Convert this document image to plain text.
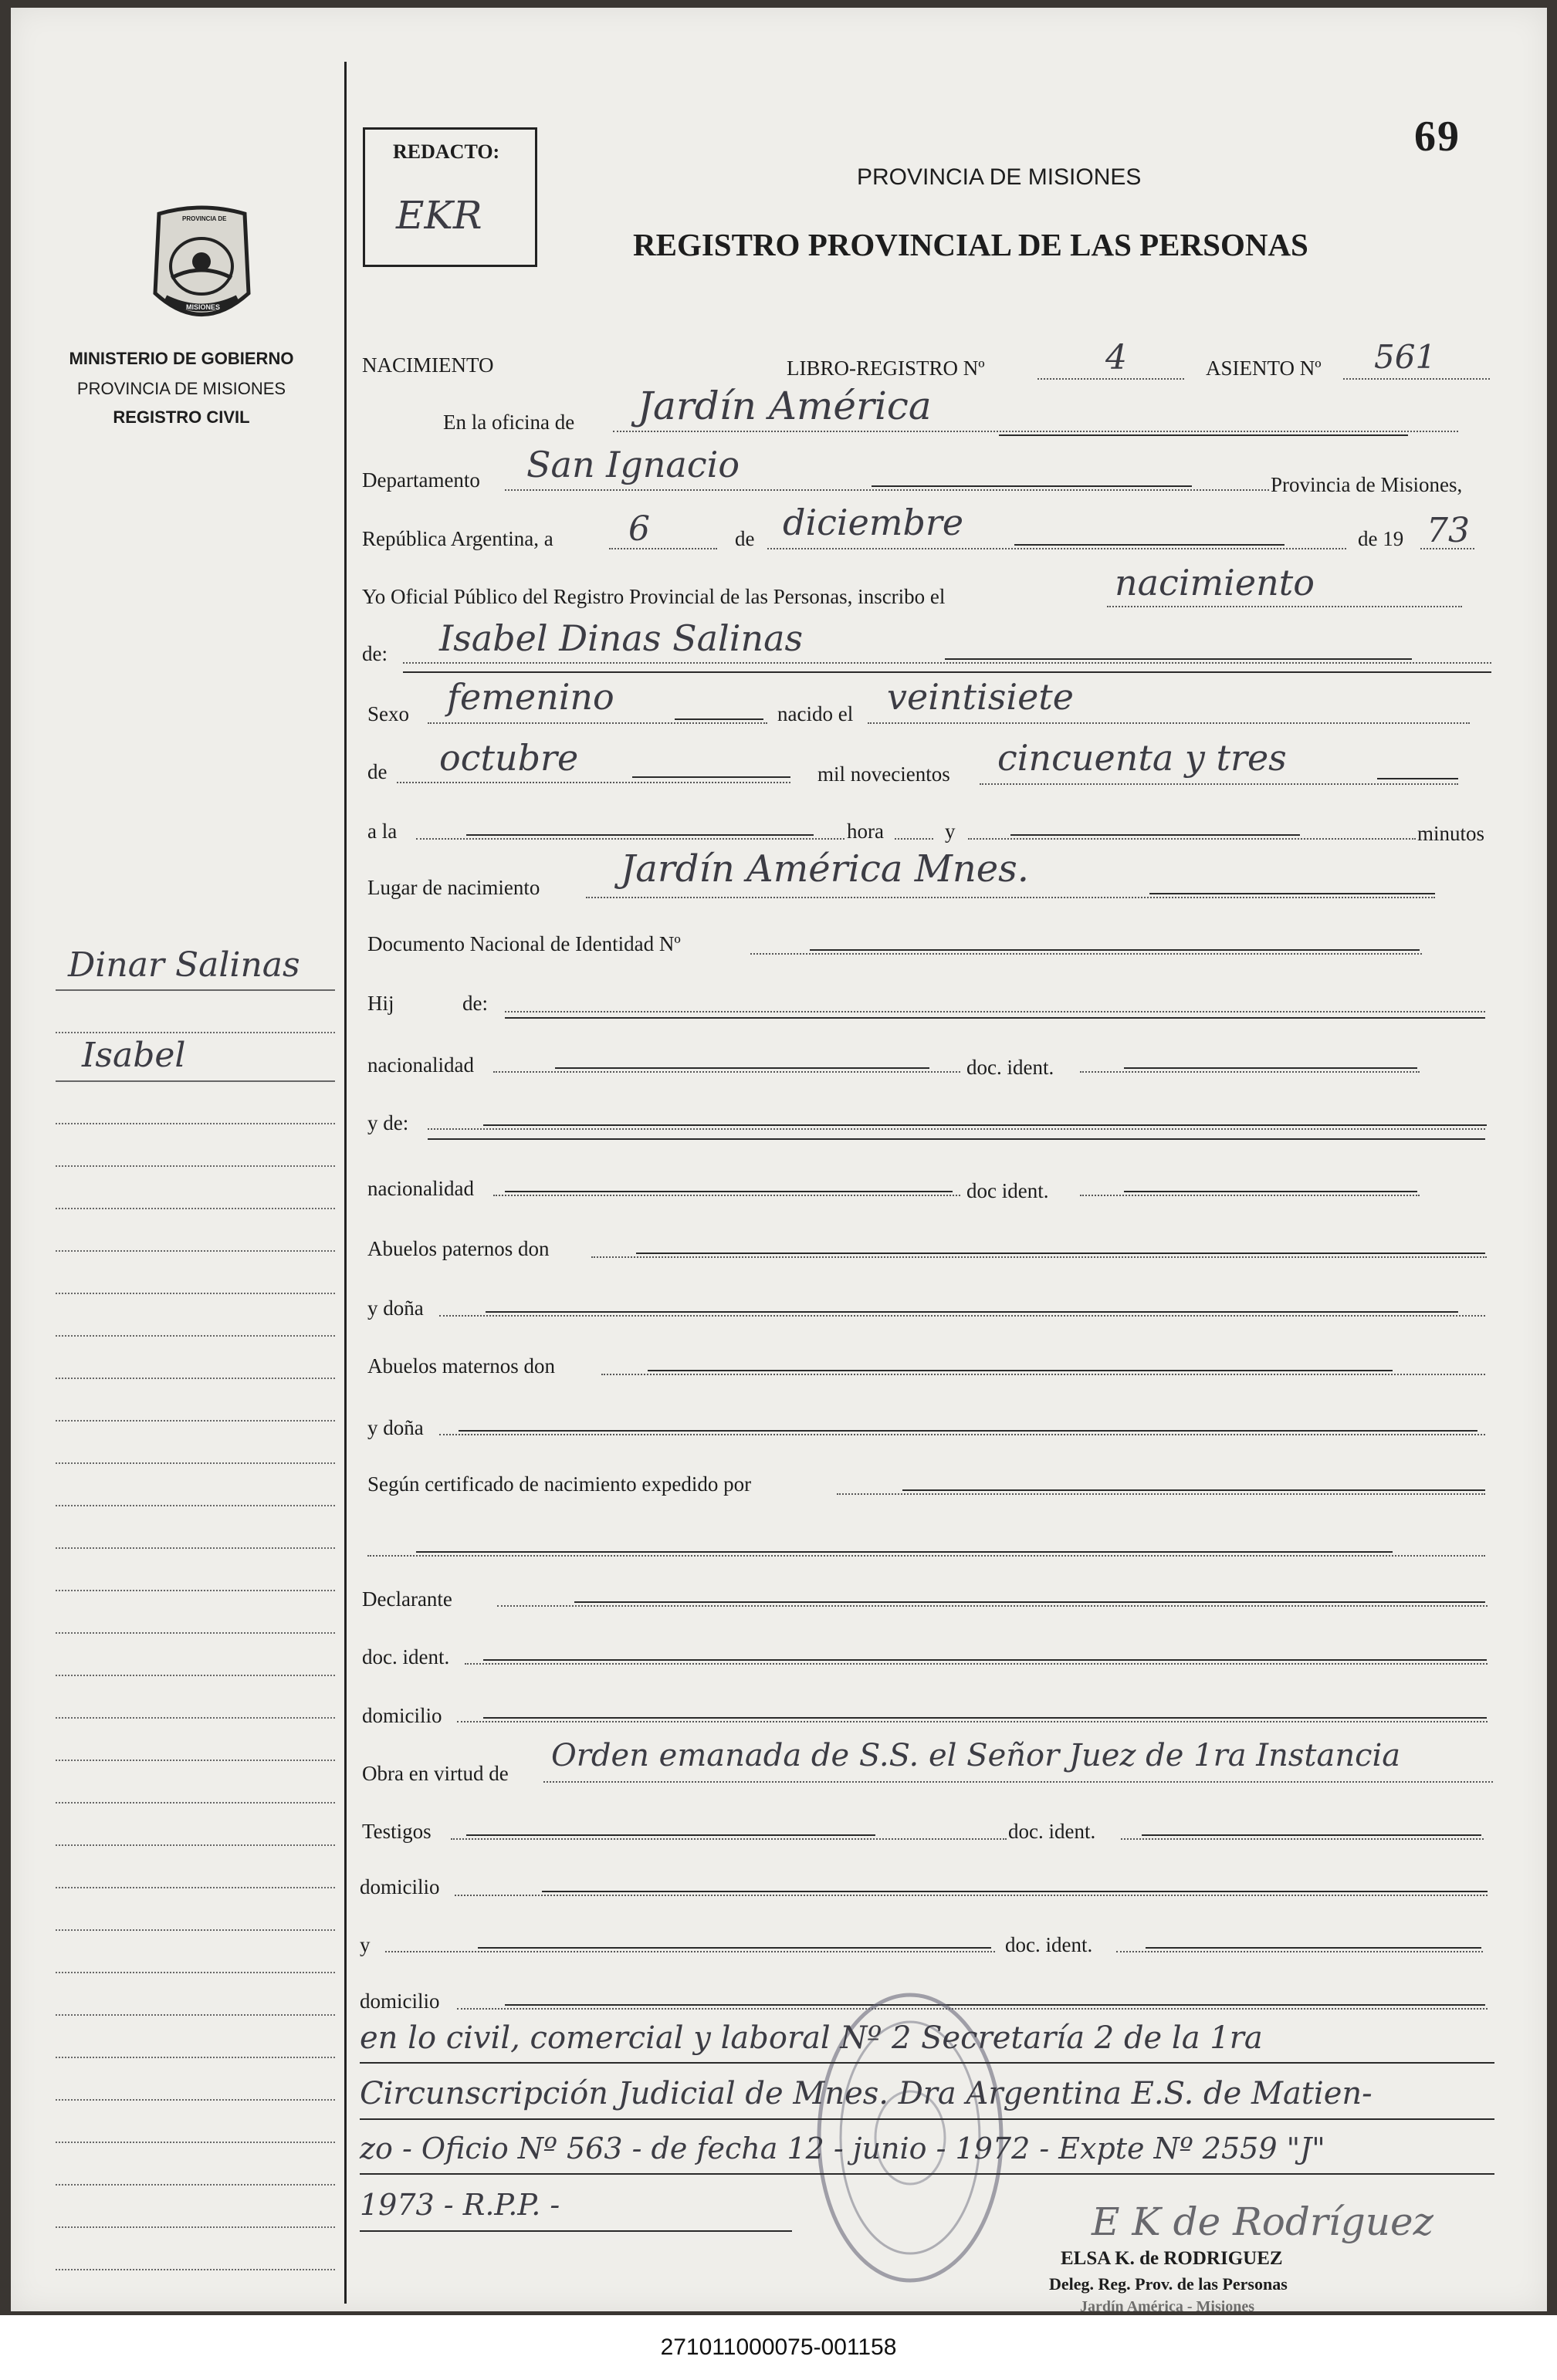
69
REDACTO:
EKR
PROVINCIA DE
MISIONES
MINISTERIO DE GOBIERNO
PROVINCIA DE MISIONES
REGISTRO CIVIL
PROVINCIA DE MISIONES
REGISTRO PROVINCIAL DE LAS PERSONAS
Dinar Salinas
Isabel
NACIMIENTO	LIBRO-REGISTRO Nº	4	ASIENTO Nº 561
En la oficina de Jardín América
Departamento San Ignacio	Provincia de Misiones,
República Argentina, a 6	de diciembre	de 19 73
Yo Oficial Público del Registro Provincial de las Personas, inscribo el	nacimiento
de: Isabel Dinas Salinas
Sexo femenino	nacido el veintisiete
de octubre	mil novecientos cincuenta y tres
a la	hora	y	minutos
Lugar de nacimiento Jardín América Mnes.
Documento Nacional de Identidad Nº
Hij	de:
nacionalidad	doc. ident.
y de:
nacionalidad	doc ident.
Abuelos paternos don
y doña
Abuelos maternos don
y doña
Según certificado de nacimiento expedido por
Declarante
doc. ident.
domicilio
Obra en virtud de Orden emanada de S.S. el Señor Juez de 1ra Instancia
Testigos	doc. ident.
domicilio
y	doc. ident.
domicilio
en lo civil, comercial y laboral Nº 2 Secretaría 2 de la 1ra
Circunscripción Judicial de Mnes. Dra Argentina E.S. de Matien-
zo - Oficio Nº 563 - de fecha 12 - junio - 1972 - Expte Nº 2559 "J"
1973 - R.P.P. -	E K de Rodríguez
ELSA K. de RODRIGUEZ
Deleg. Reg. Prov. de las Personas
Jardín América - Misiones
271011000075-001158
